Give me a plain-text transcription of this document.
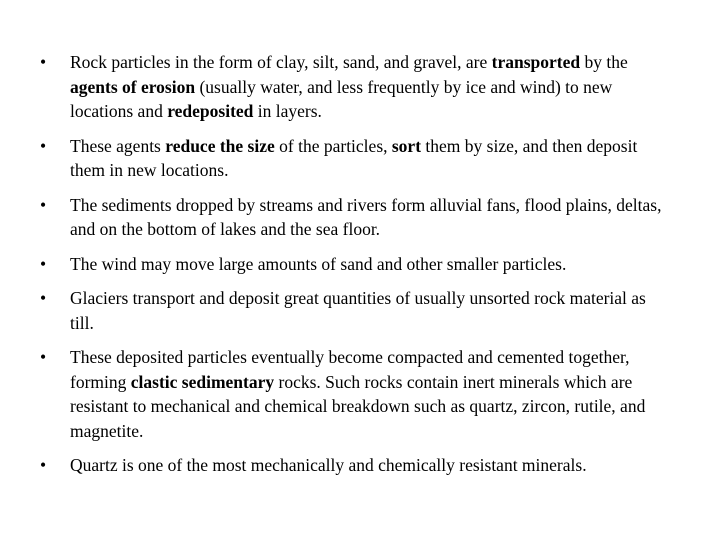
•	Rock particles in the form of clay, silt, sand, and gravel, are transported by the agents of erosion (usually water, and less frequently by ice and wind) to new locations and redeposited in layers.
•	These agents reduce the size of the particles, sort them by size, and then deposit them in new locations.
•	The sediments dropped by streams and rivers form alluvial fans, flood plains, deltas, and on the bottom of lakes and the sea floor.
•	The wind may move large amounts of sand and other smaller particles.
•	Glaciers transport and deposit great quantities of usually unsorted rock material as till.
•	These deposited particles eventually become compacted and cemented together, forming clastic sedimentary rocks. Such rocks contain inert minerals which are resistant to mechanical and chemical breakdown such as quartz, zircon, rutile, and magnetite.
•	Quartz is one of the most mechanically and chemically resistant minerals.
